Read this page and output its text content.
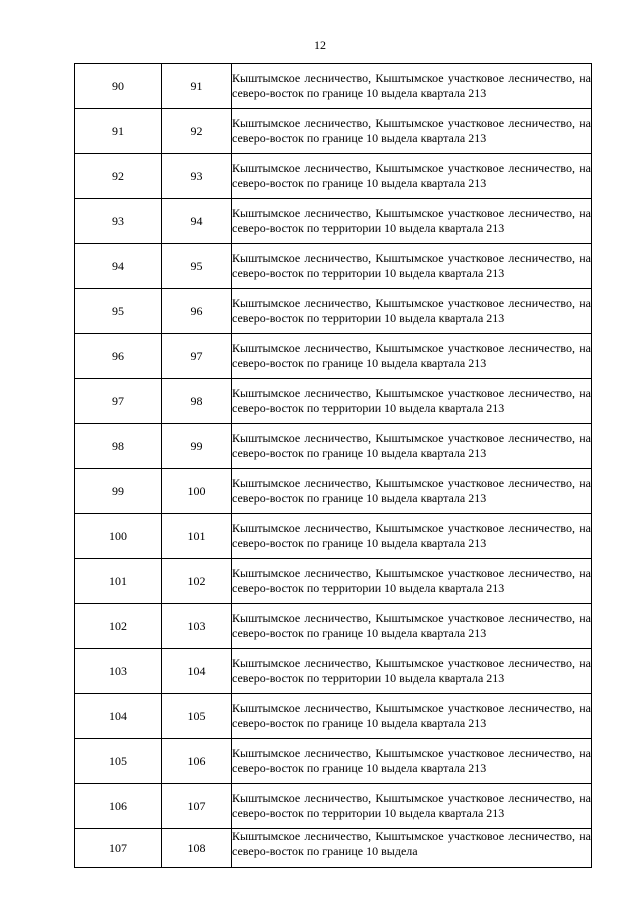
12
90	91	Кыштымское лесничество, Кыштымское участковое лесничество, на северо-восток по границе 10 выдела квартала 213
91	92	Кыштымское лесничество, Кыштымское участковое лесничество, на северо-восток по границе 10 выдела квартала 213
92	93	Кыштымское лесничество, Кыштымское участковое лесничество, на северо-восток по границе 10 выдела квартала 213
93	94	Кыштымское лесничество, Кыштымское участковое лесничество, на северо-восток по территории 10 выдела квартала 213
94	95	Кыштымское лесничество, Кыштымское участковое лесничество, на северо-восток по территории 10 выдела квартала 213
95	96	Кыштымское лесничество, Кыштымское участковое лесничество, на северо-восток по территории 10 выдела квартала 213
96	97	Кыштымское лесничество, Кыштымское участковое лесничество, на северо-восток по границе 10 выдела квартала 213
97	98	Кыштымское лесничество, Кыштымское участковое лесничество, на северо-восток по территории 10 выдела квартала 213
98	99	Кыштымское лесничество, Кыштымское участковое лесничество, на северо-восток по границе 10 выдела квартала 213
99	100	Кыштымское лесничество, Кыштымское участковое лесничество, на северо-восток по границе 10 выдела квартала 213
100	101	Кыштымское лесничество, Кыштымское участковое лесничество, на северо-восток по границе 10 выдела квартала 213
101	102	Кыштымское лесничество, Кыштымское участковое лесничество, на северо-восток по территории 10 выдела квартала 213
102	103	Кыштымское лесничество, Кыштымское участковое лесничество, на северо-восток по границе 10 выдела квартала 213
103	104	Кыштымское лесничество, Кыштымское участковое лесничество, на северо-восток по территории 10 выдела квартала 213
104	105	Кыштымское лесничество, Кыштымское участковое лесничество, на северо-восток по границе 10 выдела квартала 213
105	106	Кыштымское лесничество, Кыштымское участковое лесничество, на северо-восток по границе 10 выдела квартала 213
106	107	Кыштымское лесничество, Кыштымское участковое лесничество, на северо-восток по территории 10 выдела квартала 213
107	108	Кыштымское лесничество, Кыштымское участковое лесничество, на северо-восток по границе 10 выдела
